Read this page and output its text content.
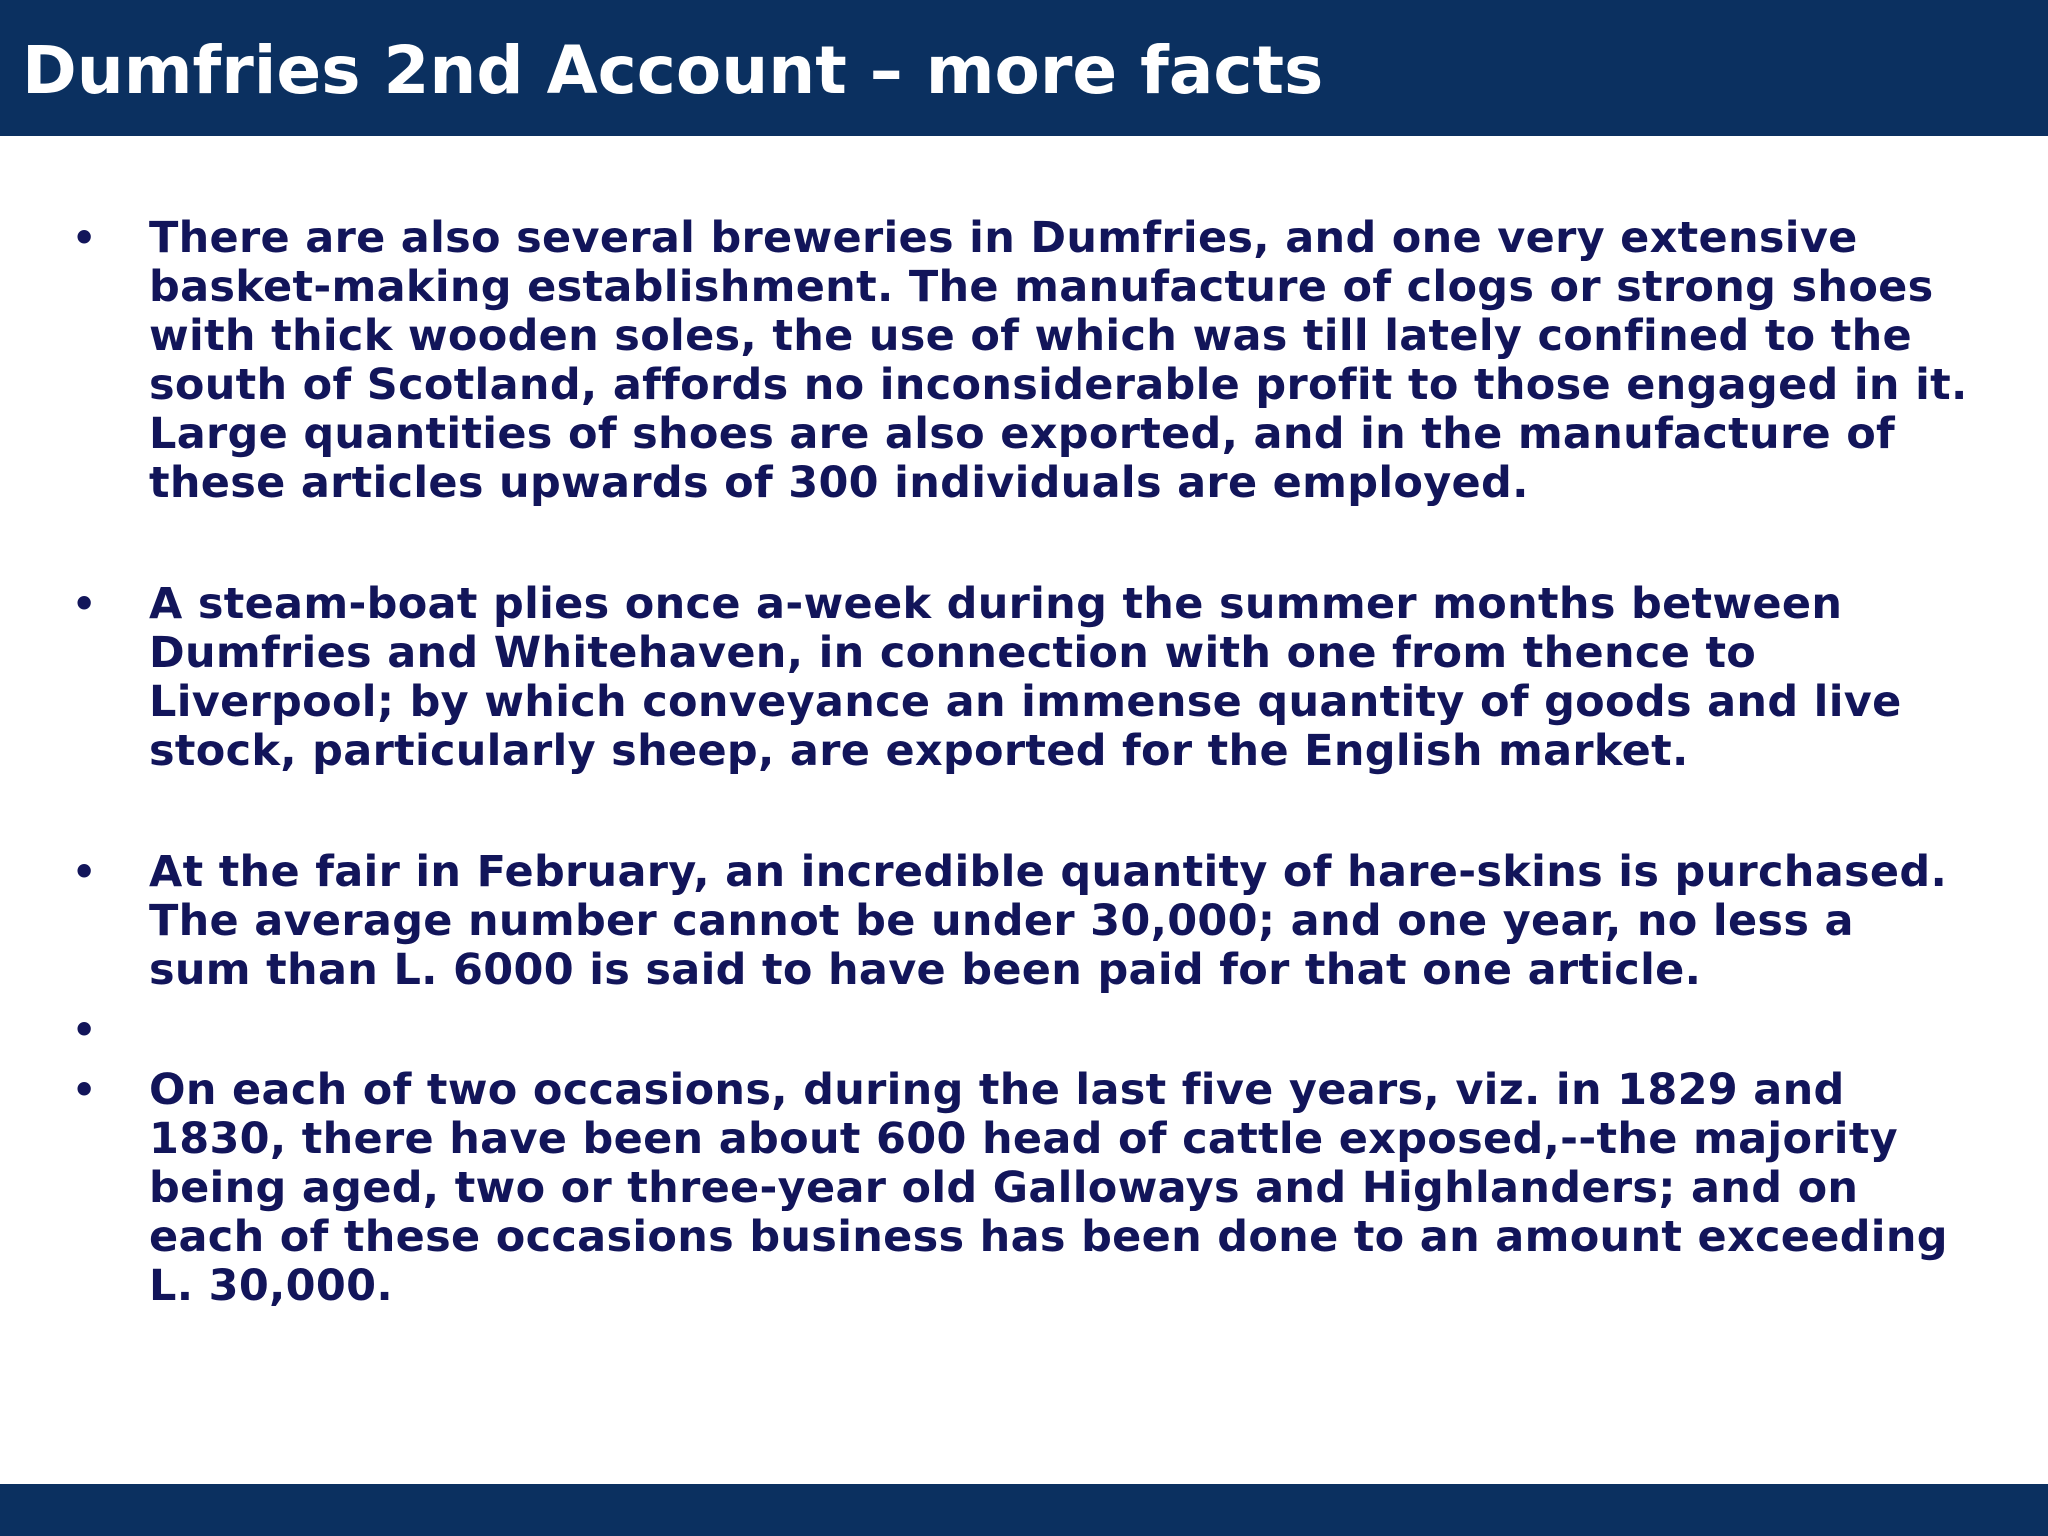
Dumfries 2nd Account – more facts
• There are also several breweries in Dumfries, and one very extensive
basket-making establishment. The manufacture of clogs or strong shoes
with thick wooden soles, the use of which was till lately confined to the
south of Scotland, affords no inconsiderable profit to those engaged in it.
Large quantities of shoes are also exported, and in the manufacture of
these articles upwards of 300 individuals are employed.
• A steam-boat plies once a-week during the summer months between
Dumfries and Whitehaven, in connection with one from thence to
Liverpool; by which conveyance an immense quantity of goods and live
stock, particularly sheep, are exported for the English market.
• At the fair in February, an incredible quantity of hare-skins is purchased.
The average number cannot be under 30,000; and one year, no less a
sum than L. 6000 is said to have been paid for that one article.
•
• On each of two occasions, during the last five years, viz. in 1829 and
1830, there have been about 600 head of cattle exposed,--the majority
being aged, two or three-year old Galloways and Highlanders; and on
each of these occasions business has been done to an amount exceeding
L. 30,000.
